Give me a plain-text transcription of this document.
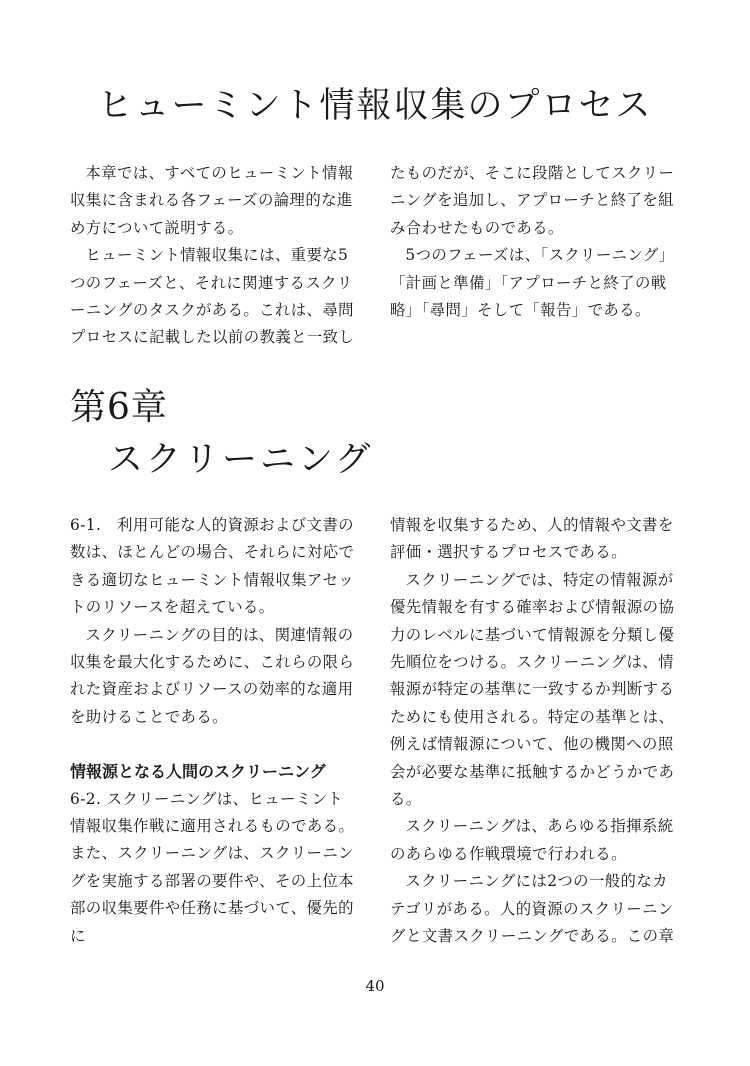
ヒューミント情報収集のプロセス

本章では、すべてのヒューミント情報収集に含まれる各フェーズの論理的な進め方について説明する。

ヒューミント情報収集には、重要な5つのフェーズと、それに関連するスクリーニングのタスクがある。これは、尋問プロセスに記載した以前の教義と一致し

たものだが、そこに段階としてスクリーニングを追加し、アプローチと終了を組み合わせたものである。

5つのフェーズは、「スクリーニング」「計画と準備」「アプローチと終了の戦略」「尋問」そして「報告」である。

第6章
スクリーニング

6-1.　利用可能な人的資源および文書の数は、ほとんどの場合、それらに対応できる適切なヒューミント情報収集アセットのリソースを超えている。

スクリーニングの目的は、関連情報の収集を最大化するために、これらの限られた資産およびリソースの効率的な適用を助けることである。

情報源となる人間のスクリーニング

6-2. スクリーニングは、ヒューミント情報収集作戦に適用されるものである。また、スクリーニングは、スクリーニングを実施する部署の要件や、その上位本部の収集要件や任務に基づいて、優先的に

情報を収集するため、人的情報や文書を評価・選択するプロセスである。

スクリーニングでは、特定の情報源が優先情報を有する確率および情報源の協力のレベルに基づいて情報源を分類し優先順位をつける。スクリーニングは、情報源が特定の基準に一致するか判断するためにも使用される。特定の基準とは、例えば情報源について、他の機関への照会が必要な基準に抵触するかどうかである。

スクリーニングは、あらゆる指揮系統のあらゆる作戦環境で行われる。

スクリーニングには2つの一般的なカテゴリがある。人的資源のスクリーニングと文書スクリーニングである。この章

40
